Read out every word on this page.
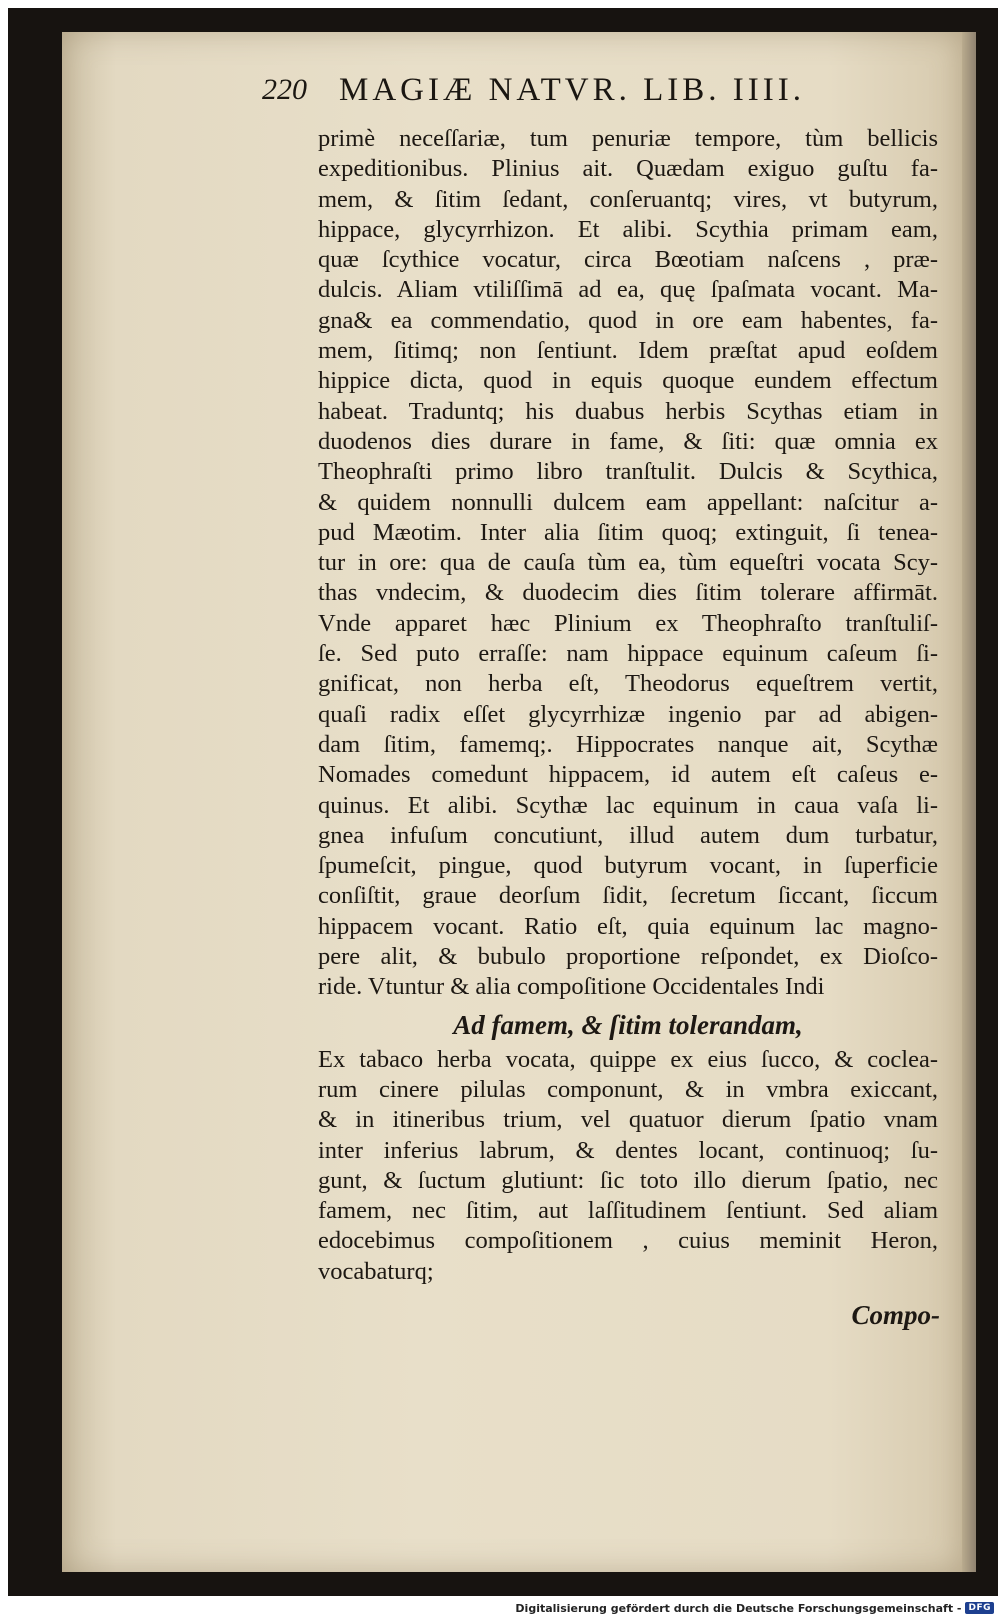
220 MAGIÆ NATVR. LIB. IIII.
primè neceſſariæ, tum penuriæ tempore, tùm bellicis
expeditionibus. Plinius ait. Quædam exiguo guſtu fa-
mem, & ſitim ſedant, conſeruantq; vires, vt butyrum,
hippace, glycyrrhizon. Et alibi. Scythia primam eam,
quæ ſcythice vocatur, circa Bœotiam naſcens , præ-
dulcis. Aliam vtiliſſimā ad ea, quę ſpaſmata vocant. Ma-
gna& ea commendatio, quod in ore eam habentes, fa-
mem, ſitimq; non ſentiunt. Idem præſtat apud eoſdem
hippice dicta, quod in equis quoque eundem effectum
habeat. Traduntq; his duabus herbis Scythas etiam in
duodenos dies durare in fame, & ſiti: quæ omnia ex
Theophraſti primo libro tranſtulit. Dulcis & Scythica,
& quidem nonnulli dulcem eam appellant: naſcitur a-
pud Mæotim. Inter alia ſitim quoq; extinguit, ſi tenea-
tur in ore: qua de cauſa tùm ea, tùm equeſtri vocata Scy-
thas vndecim, & duodecim dies ſitim tolerare affirmāt.
Vnde apparet hæc Plinium ex Theophraſto tranſtuliſ-
ſe. Sed puto erraſſe: nam hippace equinum caſeum ſi-
gnificat, non herba eſt, Theodorus equeſtrem vertit,
quaſi radix eſſet glycyrrhizæ ingenio par ad abigen-
dam ſitim, famemq;. Hippocrates nanque ait, Scythæ
Nomades comedunt hippacem, id autem eſt caſeus e-
quinus. Et alibi. Scythæ lac equinum in caua vaſa li-
gnea infuſum concutiunt, illud autem dum turbatur,
ſpumeſcit, pingue, quod butyrum vocant, in ſuperficie
conſiſtit, graue deorſum ſidit, ſecretum ſiccant, ſiccum
hippacem vocant. Ratio eſt, quia equinum lac magno-
pere alit, & bubulo proportione reſpondet, ex Dioſco-
ride. Vtuntur & alia compoſitione Occidentales Indi
Ad famem, & ſitim tolerandam,
Ex tabaco herba vocata, quippe ex eius ſucco, & coclea-
rum cinere pilulas componunt, & in vmbra exiccant,
& in itineribus trium, vel quatuor dierum ſpatio vnam
inter inferius labrum, & dentes locant, continuoq; ſu-
gunt, & ſuctum glutiunt: ſic toto illo dierum ſpatio, nec
famem, nec ſitim, aut laſſitudinem ſentiunt. Sed aliam
edocebimus compoſitionem , cuius meminit Heron,
vocabaturq;
Compo-
Digitalisierung gefördert durch die Deutsche Forschungsgemeinschaft - DFG
